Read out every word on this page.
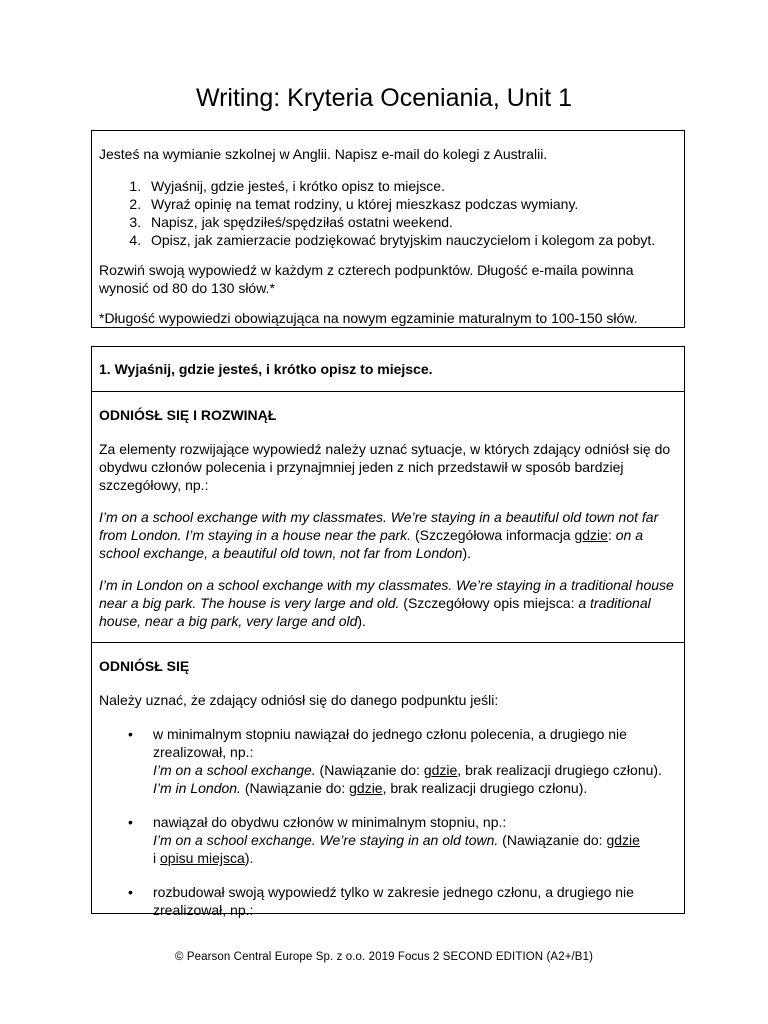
Writing: Kryteria Oceniania, Unit 1

Jesteś na wymianie szkolnej w Anglii. Napisz e-mail do kolegi z Australii.

1. Wyjaśnij, gdzie jesteś, i krótko opisz to miejsce.
2. Wyraź opinię na temat rodziny, u której mieszkasz podczas wymiany.
3. Napisz, jak spędziłeś/spędziłaś ostatni weekend.
4. Opisz, jak zamierzacie podziękować brytyjskim nauczycielom i kolegom za pobyt.

Rozwiń swoją wypowiedź w każdym z czterech podpunktów. Długość e-maila powinna wynosić od 80 do 130 słów.*

*Długość wypowiedzi obowiązująca na nowym egzaminie maturalnym to 100-150 słów.

1. Wyjaśnij, gdzie jesteś, i krótko opisz to miejsce.

ODNIÓSŁ SIĘ I ROZWINĄŁ

Za elementy rozwijające wypowiedź należy uznać sytuacje, w których zdający odniósł się do obydwu członów polecenia i przynajmniej jeden z nich przedstawił w sposób bardziej szczegółowy, np.:

I’m on a school exchange with my classmates. We’re staying in a beautiful old town not far from London. I’m staying in a house near the park. (Szczegółowa informacja gdzie: on a school exchange, a beautiful old town, not far from London).

I’m in London on a school exchange with my classmates. We’re staying in a traditional house near a big park. The house is very large and old. (Szczegółowy opis miejsca: a traditional house, near a big park, very large and old).

ODNIÓSŁ SIĘ

Należy uznać, że zdający odniósł się do danego podpunktu jeśli:

• w minimalnym stopniu nawiązał do jednego członu polecenia, a drugiego nie zrealizował, np.:
I’m on a school exchange. (Nawiązanie do: gdzie, brak realizacji drugiego członu).
I’m in London. (Nawiązanie do: gdzie, brak realizacji drugiego członu).
• nawiązał do obydwu członów w minimalnym stopniu, np.:
I’m on a school exchange. We’re staying in an old town. (Nawiązanie do: gdzie
i opisu miejsca).
• rozbudował swoją wypowiedź tylko w zakresie jednego członu, a drugiego nie zrealizował, np.:
© Pearson Central Europe Sp. z o.o. 2019 Focus 2 SECOND EDITION (A2+/B1)
